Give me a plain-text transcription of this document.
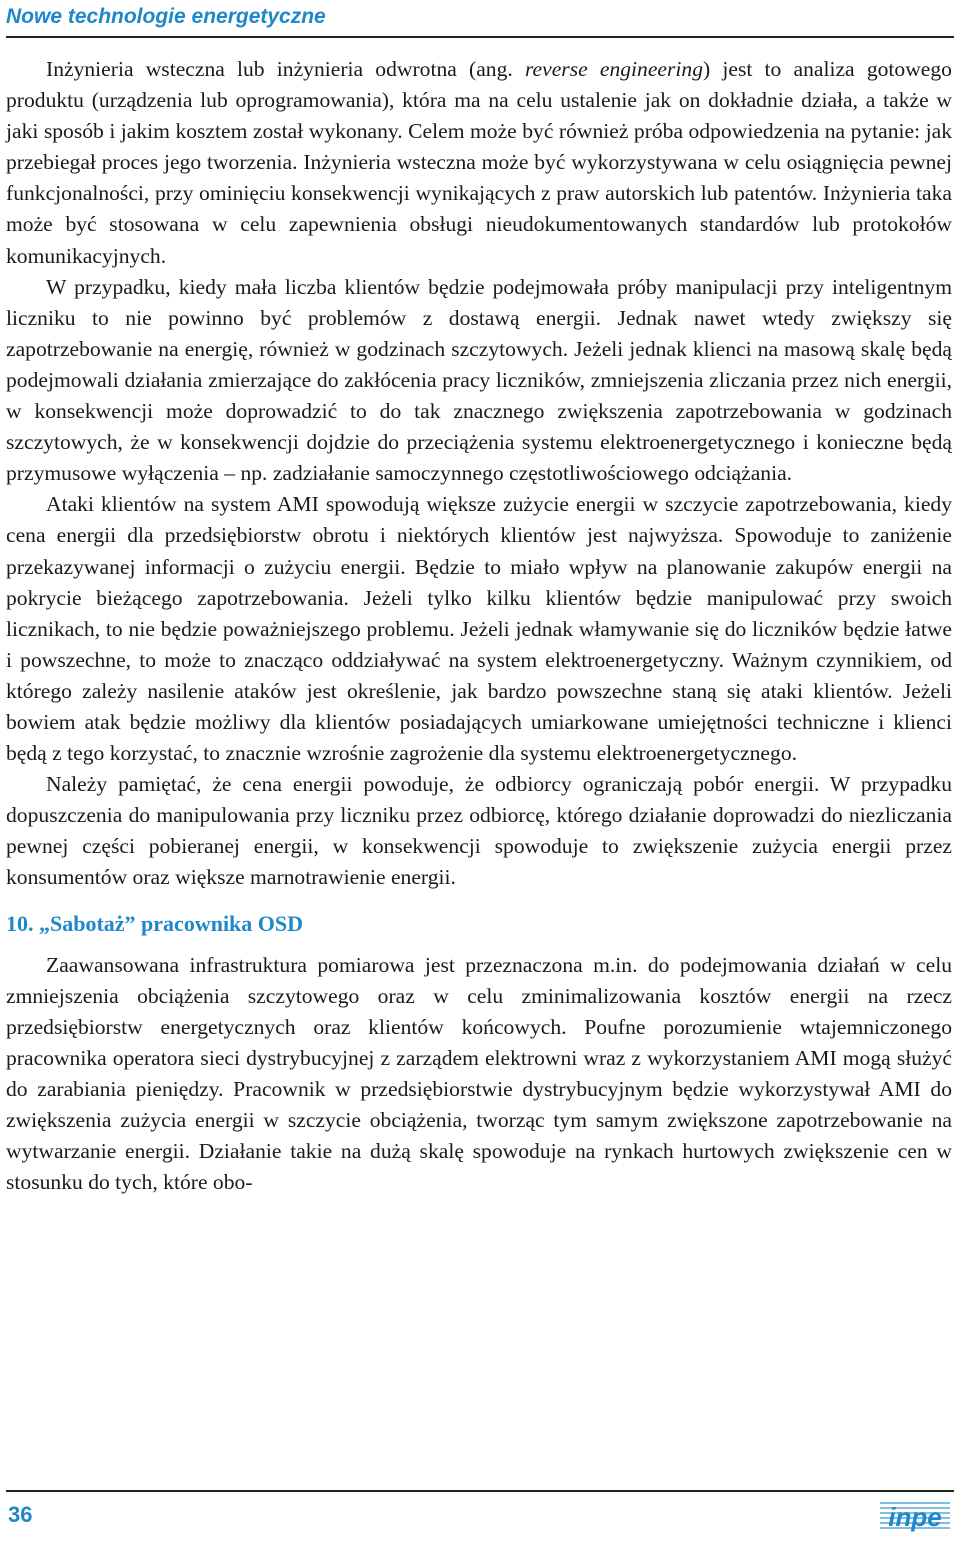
Nowe technologie energetyczne

Inżynieria wsteczna lub inżynieria odwrotna (ang. reverse engineering) jest to analiza gotowego produktu (urządzenia lub oprogramowania), która ma na celu ustalenie jak on dokładnie działa, a także w jaki sposób i jakim kosztem został wykonany. Celem może być również próba odpowiedzenia na pytanie: jak przebiegał proces jego tworzenia. Inżynieria wsteczna może być wykorzystywana w celu osiągnięcia pewnej funkcjonalności, przy ominięciu konsekwencji wynikających z praw autorskich lub patentów. Inżynieria taka może być stosowana w celu zapewnienia obsługi nieudokumentowanych standardów lub protokołów komunikacyjnych.

W przypadku, kiedy mała liczba klientów będzie podejmowała próby manipulacji przy inteligentnym liczniku to nie powinno być problemów z dostawą energii. Jednak nawet wtedy zwiększy się zapotrzebowanie na energię, również w godzinach szczytowych. Jeżeli jednak klienci na masową skalę będą podejmowali działania zmierzające do zakłócenia pracy liczników, zmniejszenia zliczania przez nich energii, w konsekwencji może doprowadzić to do tak znacznego zwiększenia zapotrzebowania w godzinach szczytowych, że w konsekwencji dojdzie do przeciążenia systemu elektroenergetycznego i konieczne będą przymusowe wyłączenia – np. zadziałanie samoczynnego częstotliwościowego odciążania.

Ataki klientów na system AMI spowodują większe zużycie energii w szczycie zapotrzebowania, kiedy cena energii dla przedsiębiorstw obrotu i niektórych klientów jest najwyższa. Spowoduje to zaniżenie przekazywanej informacji o zużyciu energii. Będzie to miało wpływ na planowanie zakupów energii na pokrycie bieżącego zapotrzebowania. Jeżeli tylko kilku klientów będzie manipulować przy swoich licznikach, to nie będzie poważniejszego problemu. Jeżeli jednak włamywanie się do liczników będzie łatwe i powszechne, to może to znacząco oddziaływać na system elektroenergetyczny. Ważnym czynnikiem, od którego zależy nasilenie ataków jest określenie, jak bardzo powszechne staną się ataki klientów. Jeżeli bowiem atak będzie możliwy dla klientów posiadających umiarkowane umiejętności techniczne i klienci będą z tego korzystać, to znacznie wzrośnie zagrożenie dla systemu elektroenergetycznego.

Należy pamiętać, że cena energii powoduje, że odbiorcy ograniczają pobór energii. W przypadku dopuszczenia do manipulowania przy liczniku przez odbiorcę, którego działanie doprowadzi do niezliczania pewnej części pobieranej energii, w konsekwencji spowoduje to zwiększenie zużycia energii przez konsumentów oraz większe marnotrawienie energii.

10. „Sabotaż” pracownika OSD

Zaawansowana infrastruktura pomiarowa jest przeznaczona m.in. do podejmowania działań w celu zmniejszenia obciążenia szczytowego oraz w celu zminimalizowania kosztów energii na rzecz przedsiębiorstw energetycznych oraz klientów końcowych. Poufne porozumienie wtajemniczonego pracownika operatora sieci dystrybucyjnej z zarządem elektrowni wraz z wykorzystaniem AMI mogą służyć do zarabiania pieniędzy. Pracownik w przedsiębiorstwie dystrybucyjnym będzie wykorzystywał AMI do zwiększenia zużycia energii w szczycie obciążenia, tworząc tym samym zwiększone zapotrzebowanie na wytwarzanie energii. Działanie takie na dużą skalę spowoduje na rynkach hurtowych zwiększenie cen w stosunku do tych, które obo-

36	inpe
